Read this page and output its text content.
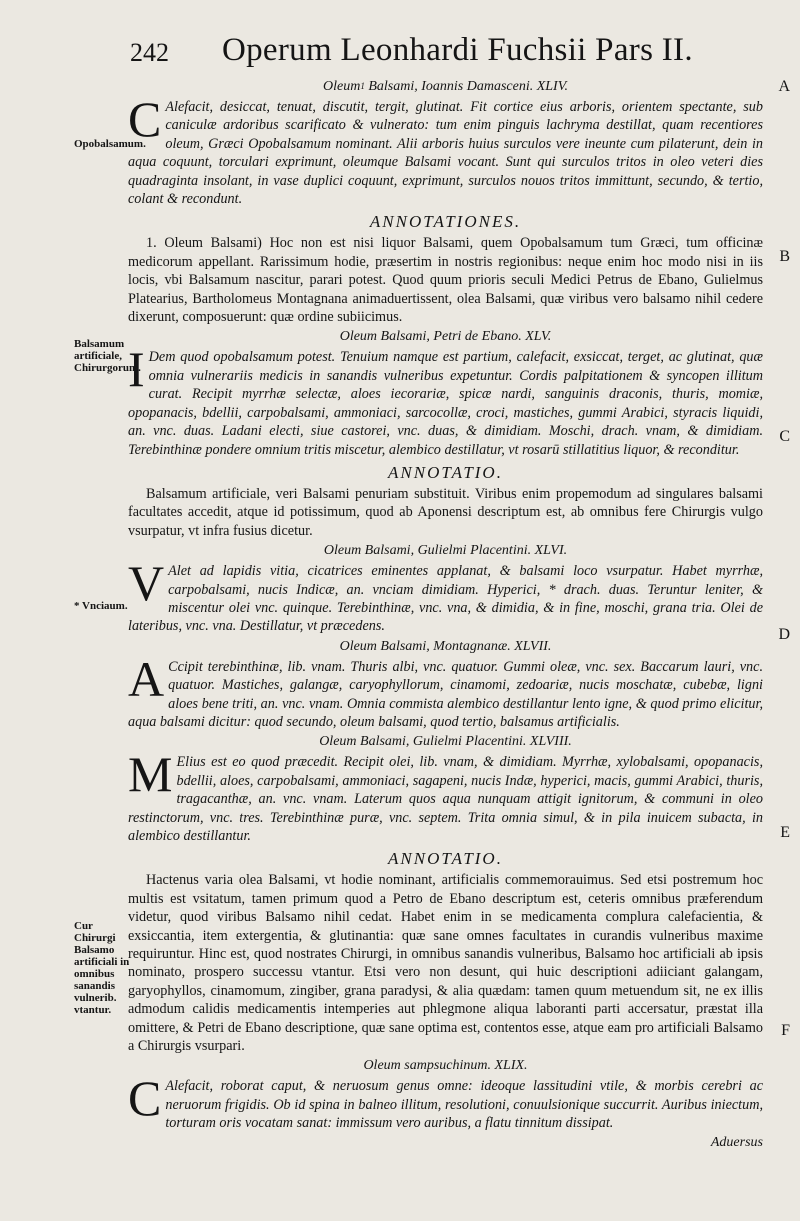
242 Operum Leonhardi Fuchsii Pars II.
Opobalsamum.
Balsamum artificiale, Chirurgorum.
* Vnciaum.
Cur Chirurgi Balsamo artificiali in omnibus sanandis vulnerib. vtantur.
A
B
C
D
E
F
Oleum$^1$ Balsami, Ioannis Damasceni. XLIV.

C Alefacit, desiccat, tenuat, discutit, tergit, glutinat. Fit cortice eius arboris, orientem spectante, sub caniculæ ardoribus scarificato & vulnerato: tum enim pinguis lachryma destillat, quam recentiores oleum, Græci Opobalsamum nominant. Alii arboris huius surculos vere ineunte cum pilaterunt, dein in aqua coquunt, torculari exprimunt, oleumque Balsami vocant. Sunt qui surculos tritos in oleo veteri dies quadraginta insolant, in vase duplici coquunt, exprimunt, surculos nouos tritos immittunt, secundo, & tertio, colant & recondunt.

ANNOTATIONES.

1. Oleum Balsami) Hoc non est nisi liquor Balsami, quem Opobalsamum tum Græci, tum officinæ medicorum appellant. Rarissimum hodie, præsertim in nostris regionibus: neque enim hoc modo nisi in iis locis, vbi Balsamum nascitur, parari potest. Quod quum prioris seculi Medici Petrus de Ebano, Gulielmus Platearius, Bartholomeus Montagnana animaduertissent, olea Balsami, quæ viribus vero balsamo nihil cedere dixerunt, composuerunt: quæ ordine subiicimus.

Oleum Balsami, Petri de Ebano. XLV.

I Dem quod opobalsamum potest. Tenuium namque est partium, calefacit, exsiccat, terget, ac glutinat, quæ omnia vulnerariis medicis in sanandis vulneribus expetuntur. Cordis palpitationem & syncopen illitum curat. Recipit myrrhæ selectæ, aloes iecorariæ, spicæ nardi, sanguinis draconis, thuris, momiæ, opopanacis, bdellii, carpobalsami, ammoniaci, sarcocollæ, croci, mastiches, gummi Arabici, styracis liquidi, an. vnc. duas. Ladani electi, siue castorei, vnc. duas, & dimidiam. Moschi, drach. vnam, & dimidiam. Terebinthinæ pondere omnium tritis miscetur, alembico destillatur, vt rosarū stillatitius liquor, & reconditur.

ANNOTATIO.

Balsamum artificiale, veri Balsami penuriam substituit. Viribus enim propemodum ad singulares balsami facultates accedit, atque id potissimum, quod ab Aponensi descriptum est, ab omnibus fere Chirurgis vulgo vsurpatur, vt infra fusius dicetur.

Oleum Balsami, Gulielmi Placentini. XLVI.

V Alet ad lapidis vitia, cicatrices eminentes applanat, & balsami loco vsurpatur. Habet myrrhæ, carpobalsami, nucis Indicæ, an. vnciam dimidiam. Hyperici, * drach. duas. Teruntur leniter, & miscentur olei vnc. quinque. Terebinthinæ, vnc. vna, & dimidia, & in fine, moschi, grana tria. Olei de lateribus, vnc. vna. Destillatur, vt præcedens.

Oleum Balsami, Montagnanæ. XLVII.

A Ccipit terebinthinæ, lib. vnam. Thuris albi, vnc. quatuor. Gummi oleæ, vnc. sex. Baccarum lauri, vnc. quatuor. Mastiches, galangæ, caryophyllorum, cinamomi, zedoariæ, nucis moschatæ, cubebæ, ligni aloes bene triti, an. vnc. vnam. Omnia commista alembico destillantur lento igne, & quod primo elicitur, aqua balsami dicitur: quod secundo, oleum balsami, quod tertio, balsamus artificialis.

Oleum Balsami, Gulielmi Placentini. XLVIII.

M Elius est eo quod præcedit. Recipit olei, lib. vnam, & dimidiam. Myrrhæ, xylobalsami, opopanacis, bdellii, aloes, carpobalsami, ammoniaci, sagapeni, nucis Indæ, hyperici, macis, gummi Arabici, thuris, tragacanthæ, an. vnc. vnam. Laterum quos aqua nunquam attigit ignitorum, & communi in oleo restinctorum, vnc. tres. Terebinthinæ puræ, vnc. septem. Trita omnia simul, & in pila inuicem subacta, in alembico destillantur.

ANNOTATIO.

Hactenus varia olea Balsami, vt hodie nominant, artificialis commemorauimus. Sed etsi postremum hoc multis est vsitatum, tamen primum quod a Petro de Ebano descriptum est, ceteris omnibus præferendum videtur, quod viribus Balsamo nihil cedat. Habet enim in se medicamenta complura calefacientia, & exsiccantia, item extergentia, & glutinantia: quæ sane omnes facultates in curandis vulneribus maxime requiruntur. Hinc est, quod nostrates Chirurgi, in omnibus sanandis vulneribus, Balsamo hoc artificiali ab ipsis nominato, prospero successu vtantur. Etsi vero non desunt, qui huic descriptioni adiiciant galangam, garyophyllos, cinamomum, zingiber, grana paradysi, & alia quædam: tamen quum metuendum sit, ne ex illis admodum calidis medicamentis intemperies aut phlegmone aliqua laboranti parti accersatur, præstat illa omittere, & Petri de Ebano descriptione, quæ sane optima est, contentos esse, atque eam pro artificiali Balsamo a Chirurgis vsurpari.

Oleum sampsuchinum. XLIX.

C Alefacit, roborat caput, & neruosum genus omne: ideoque lassitudini vtile, & morbis cerebri ac neruorum frigidis. Ob id spina in balneo illitum, resolutioni, conuulsionique succurrit. Auribus iniectum, torturam oris vocatam sanat: immissum vero auribus, a flatu tinnitum dissipat.

Aduersus
